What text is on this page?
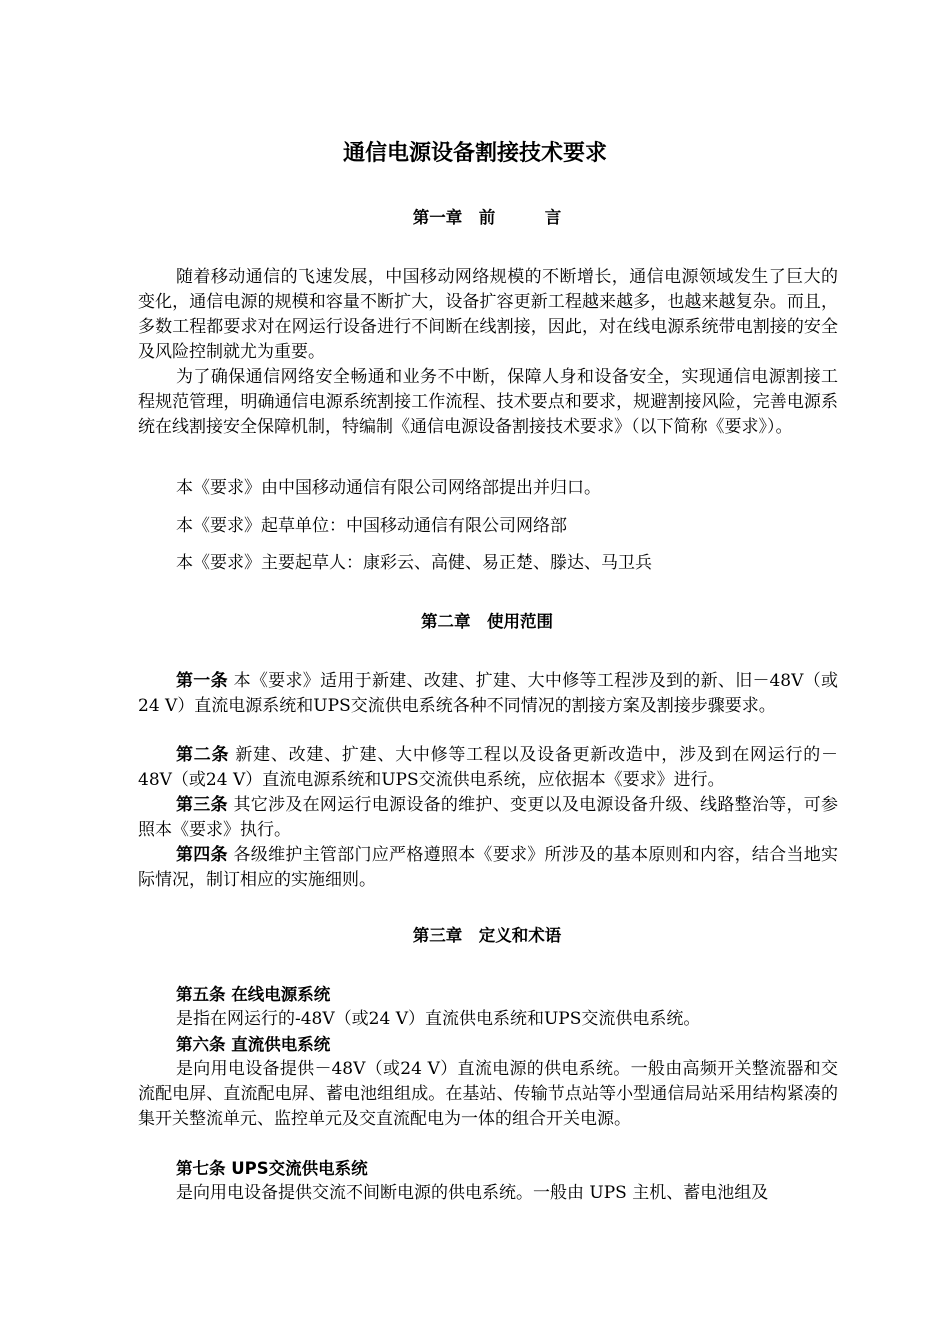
通信电源设备割接技术要求
第一章　前　　　言
随着移动通信的飞速发展，中国移动网络规模的不断增长，通信电源领域发生了巨大的变化，通信电源的规模和容量不断扩大，设备扩容更新工程越来越多，也越来越复杂。而且，多数工程都要求对在网运行设备进行不间断在线割接，因此，对在线电源系统带电割接的安全及风险控制就尤为重要。
为了确保通信网络安全畅通和业务不中断，保障人身和设备安全，实现通信电源割接工程规范管理，明确通信电源系统割接工作流程、技术要点和要求，规避割接风险，完善电源系统在线割接安全保障机制，特编制《通信电源设备割接技术要求》（以下简称《要求》）。
本《要求》由中国移动通信有限公司网络部提出并归口。
本《要求》起草单位：中国移动通信有限公司网络部
本《要求》主要起草人：康彩云、高健、易正楚、滕达、马卫兵
第二章　使用范围
第一条 本《要求》适用于新建、改建、扩建、大中修等工程涉及到的新、旧－48V（或24 V）直流电源系统和UPS交流供电系统各种不同情况的割接方案及割接步骤要求。
第二条 新建、改建、扩建、大中修等工程以及设备更新改造中，涉及到在网运行的－48V（或24 V）直流电源系统和UPS交流供电系统，应依据本《要求》进行。
第三条 其它涉及在网运行电源设备的维护、变更以及电源设备升级、线路整治等，可参照本《要求》执行。
第四条 各级维护主管部门应严格遵照本《要求》所涉及的基本原则和内容，结合当地实际情况，制订相应的实施细则。
第三章　定义和术语
第五条 在线电源系统
是指在网运行的-48V（或24 V）直流供电系统和UPS交流供电系统。
第六条 直流供电系统
是向用电设备提供－48V（或24 V）直流电源的供电系统。一般由高频开关整流器和交流配电屏、直流配电屏、蓄电池组组成。在基站、传输节点站等小型通信局站采用结构紧凑的集开关整流单元、监控单元及交直流配电为一体的组合开关电源。
第七条 UPS交流供电系统
是向用电设备提供交流不间断电源的供电系统。一般由 UPS 主机、蓄电池组及
